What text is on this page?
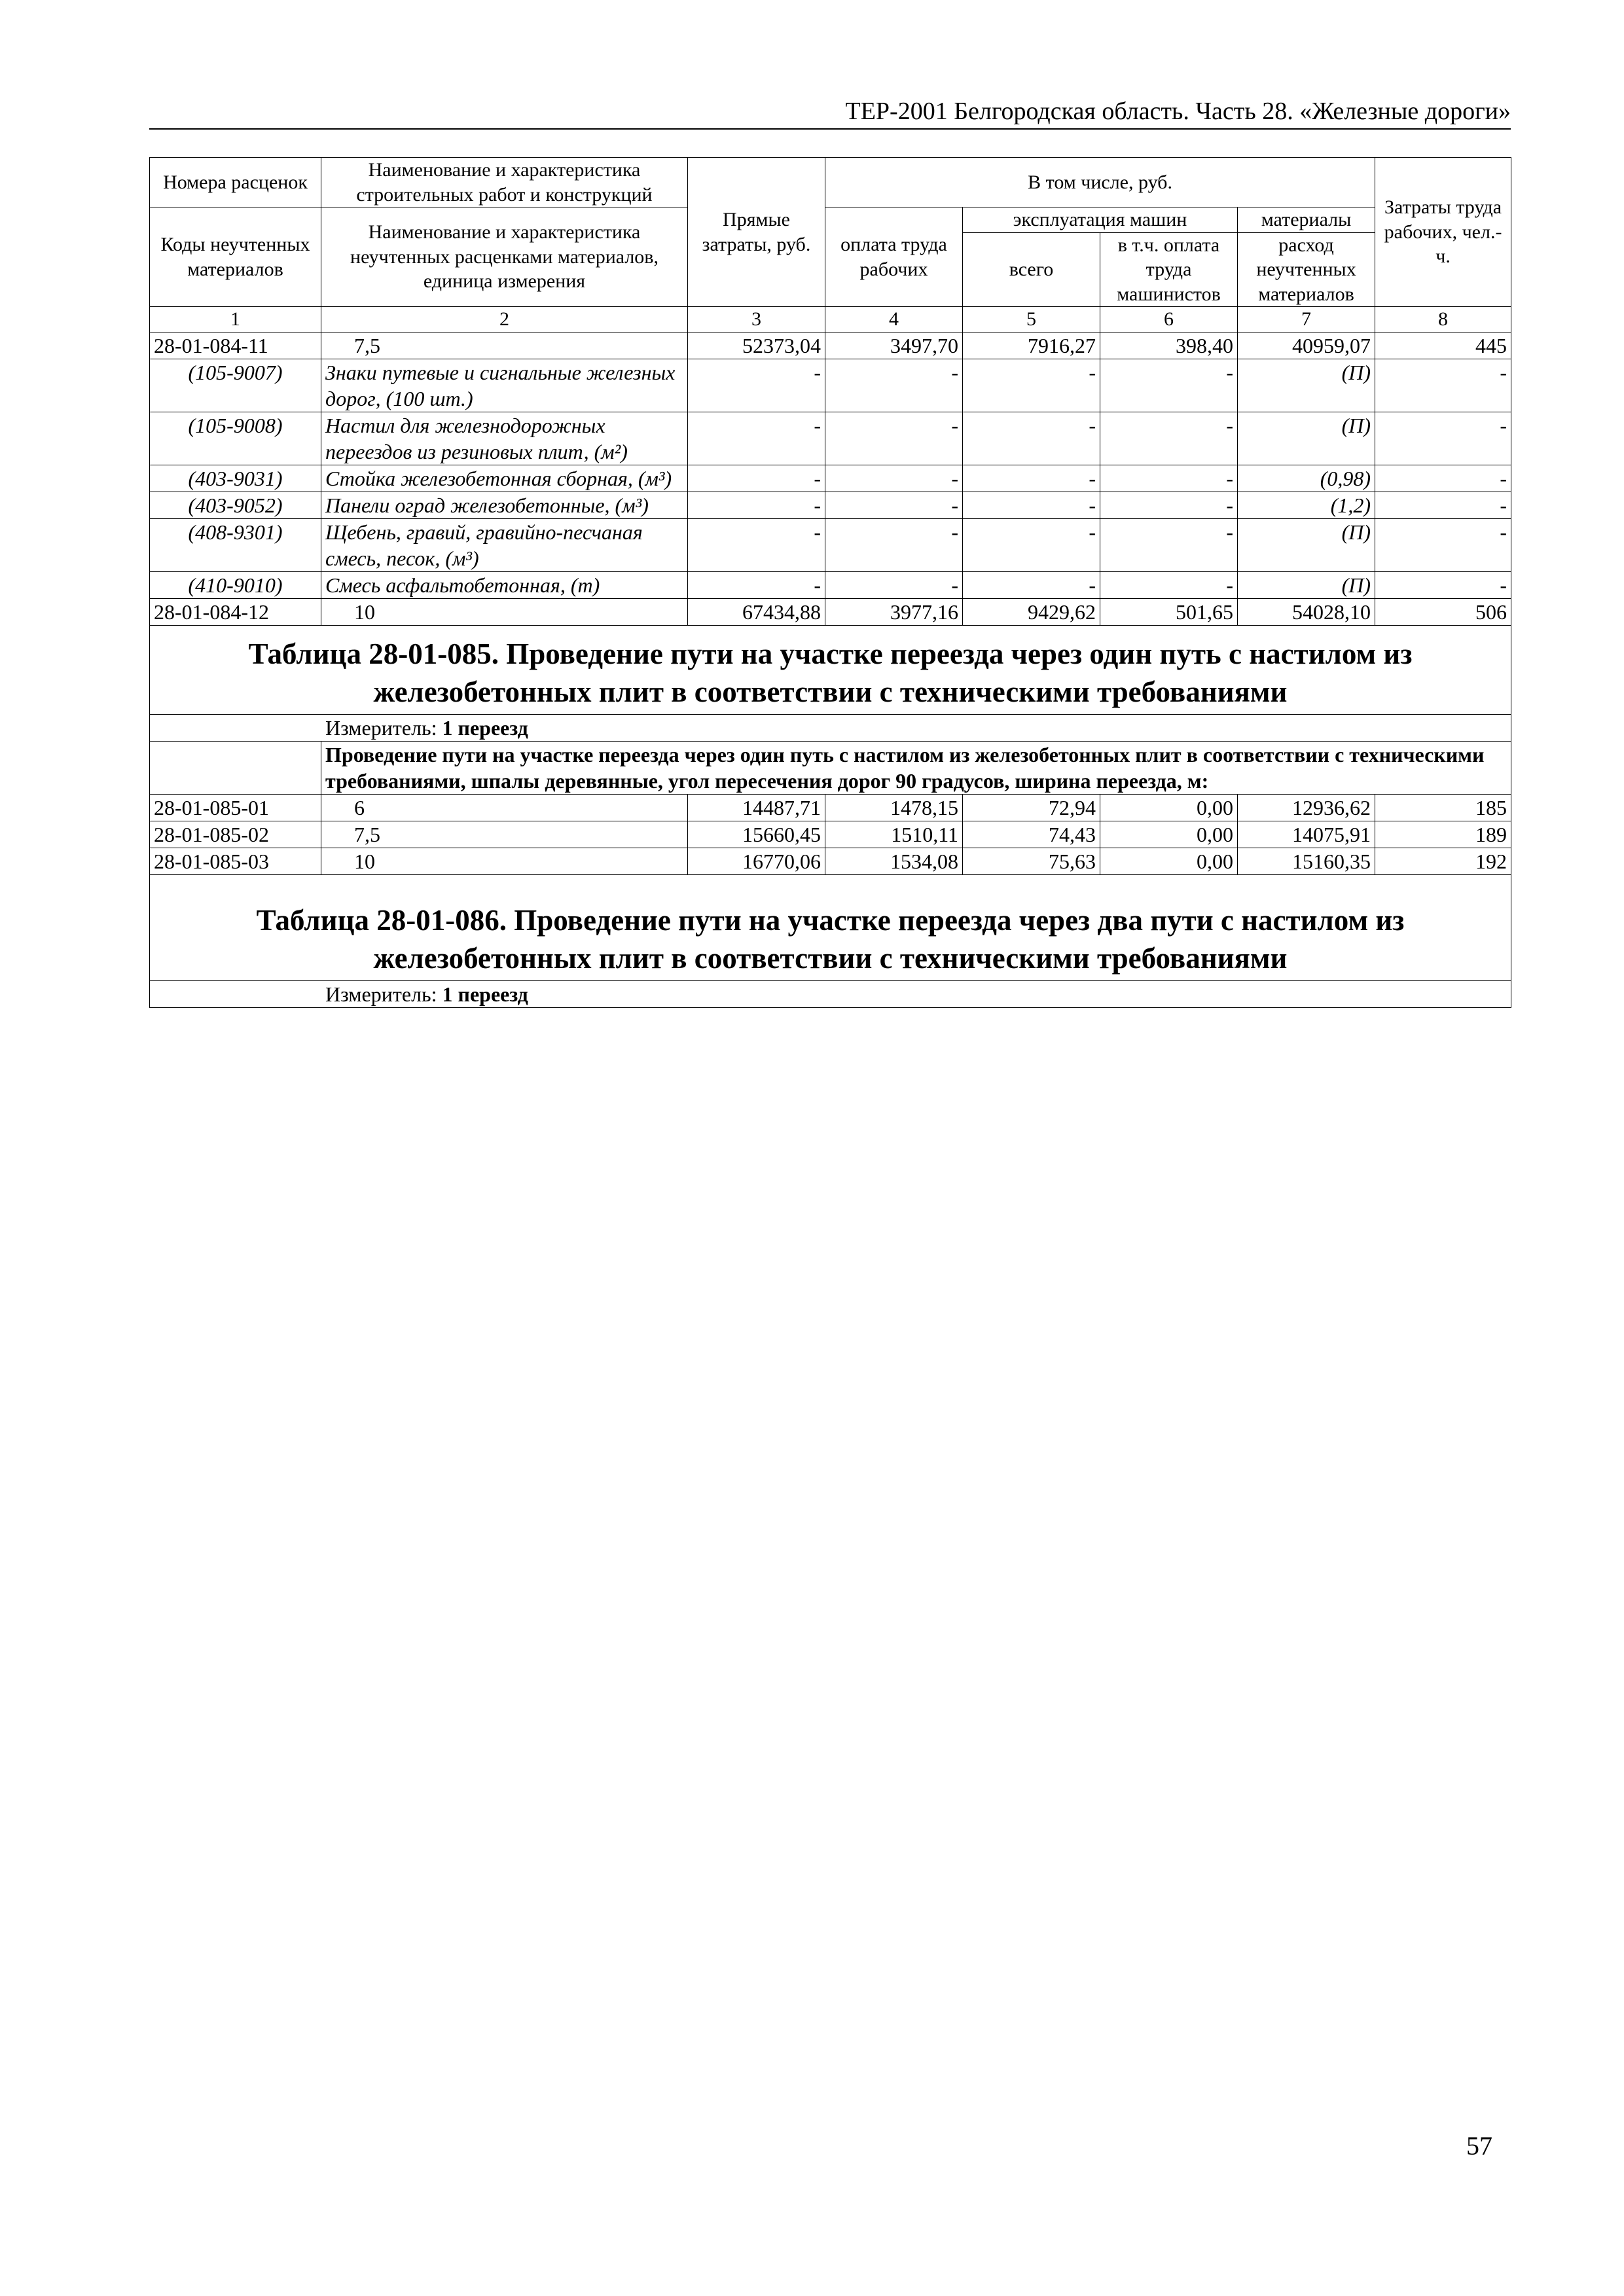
ТЕР-2001 Белгородская область. Часть 28. «Железные дороги»
Номера расценок	Наименование и характеристика строительных работ и конструкций	Прямые затраты, руб.	В том числе, руб.				Затраты труда рабочих, чел.-ч.
Коды неучтенных материалов	Наименование и характеристика неучтенных расценками материалов, единица измерения		оплата труда рабочих	эксплуатация машин		материалы	
				всего	в т.ч. оплата труда машинистов	расход неучтенных материалов	
1	2	3	4	5	6	7	8
28-01-084-11	7,5	52373,04	3497,70	7916,27	398,40	40959,07	445
(105-9007)	Знаки путевые и сигнальные железных дорог, (100 шт.)	-	-	-	-	(П)	-
(105-9008)	Настил для железнодорожных переездов из резиновых плит, (м²)	-	-	-	-	(П)	-
(403-9031)	Стойка железобетонная сборная, (м³)	-	-	-	-	(0,98)	-
(403-9052)	Панели оград железобетонные, (м³)	-	-	-	-	(1,2)	-
(408-9301)	Щебень, гравий, гравийно-песчаная смесь, песок, (м³)	-	-	-	-	(П)	-
(410-9010)	Смесь асфальтобетонная, (т)	-	-	-	-	(П)	-
28-01-084-12	10	67434,88	3977,16	9429,62	501,65	54028,10	506
Таблица 28-01-085. Проведение пути на участке переезда через один путь с настилом из железобетонных плит в соответствии с техническими требованиями							
Измеритель: 1 переезд							
	Проведение пути на участке переезда через один путь с настилом из железобетонных плит в соответствии с техническими требованиями, шпалы деревянные, угол пересечения дорог 90 градусов, ширина переезда, м:						
28-01-085-01	6	14487,71	1478,15	72,94	0,00	12936,62	185
28-01-085-02	7,5	15660,45	1510,11	74,43	0,00	14075,91	189
28-01-085-03	10	16770,06	1534,08	75,63	0,00	15160,35	192
Таблица 28-01-086. Проведение пути на участке переезда через два пути с настилом из железобетонных плит в соответствии с техническими требованиями							
Измеритель: 1 переезд							
57
